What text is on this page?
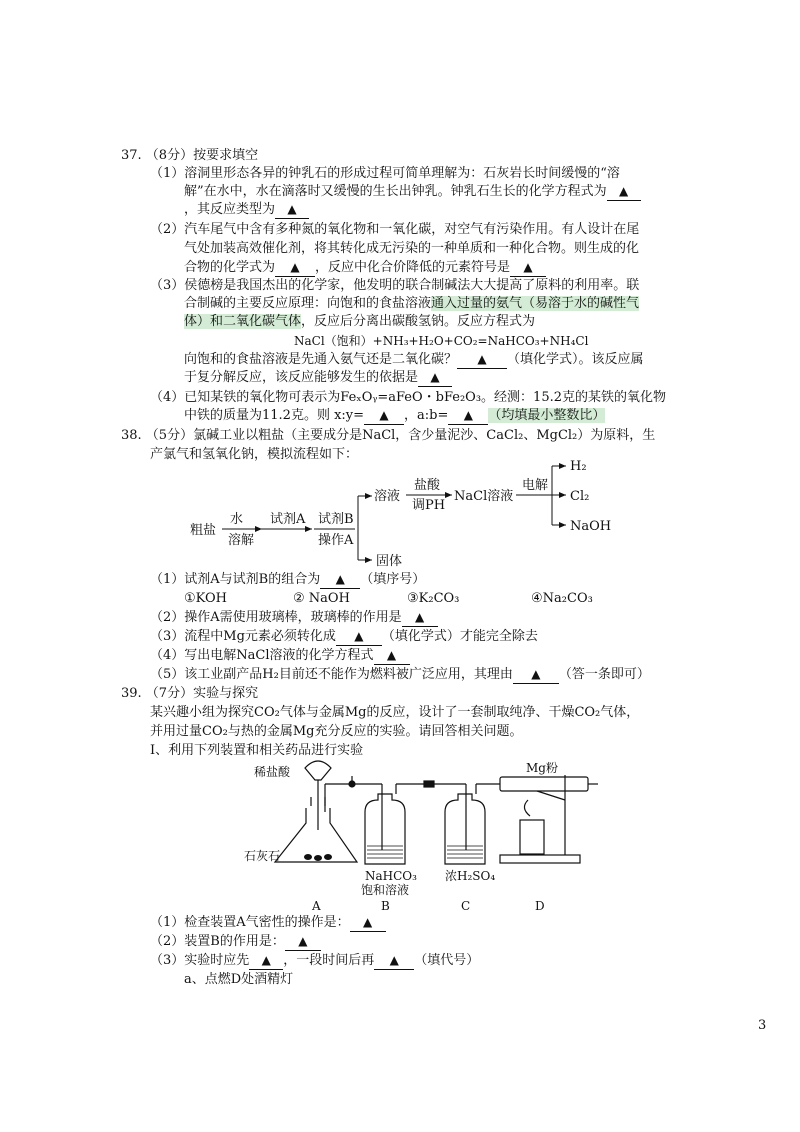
37. （8分）按要求填空
（1）溶洞里形态各异的钟乳石的形成过程可简单理解为：石灰岩长时间缓慢的“溶
解”在水中，水在滴落时又缓慢的生长出钟乳。钟乳石生长的化学方程式为 ▲
，其反应类型为 ▲
（2）汽车尾气中含有多种氮的氧化物和一氧化碳，对空气有污染作用。有人设计在尾
气处加装高效催化剂，将其转化成无污染的一种单质和一种化合物。则生成的化
合物的化学式为 ▲ ，反应中化合价降低的元素符号是 ▲
（3）侯德榜是我国杰出的化学家，他发明的联合制碱法大大提高了原料的利用率。联
合制碱的主要反应原理：向饱和的食盐溶液通入过量的氨气（易溶于水的碱性气
体）和二氧化碳气体，反应后分离出碳酸氢钠。反应方程式为
NaCl（饱和）+NH₃+H₂O+CO₂=NaHCO₃+NH₄Cl
向饱和的食盐溶液是先通入氨气还是二氧化碳？ ▲ （填化学式）。该反应属
于复分解反应，该反应能够发生的依据是 ▲
（4）已知某铁的氧化物可表示为FeₓOᵧ=aFeO・bFe₂O₃。经测：15.2克的某铁的氧化物
中铁的质量为11.2克。则 x:y= ▲ ，a:b= ▲ （均填最小整数比）
38. （5分）氯碱工业以粗盐（主要成分是NaCl，含少量泥沙、CaCl₂、MgCl₂）为原料，生
产氯气和氢氧化钠，模拟流程如下：
粗盐
水
溶解
试剂A 试剂B
操作A
溶液
固体
盐酸
调PH
NaCl溶液
电解
H₂
Cl₂
NaOH
（1）试剂A与试剂B的组合为 ▲ （填序号）
①KOH	② NaOH	③K₂CO₃	④Na₂CO₃
（2）操作A需使用玻璃棒，玻璃棒的作用是 ▲
（3）流程中Mg元素必须转化成 ▲ （填化学式）才能完全除去
（4）写出电解NaCl溶液的化学方程式 ▲
（5）该工业副产品H₂目前还不能作为燃料被广泛应用，其理由 ▲ （答一条即可）
39. （7分）实验与探究
某兴趣小组为探究CO₂气体与金属Mg的反应，设计了一套制取纯净、干燥CO₂气体，
并用过量CO₂与热的金属Mg充分反应的实验。请回答相关问题。
Ⅰ、利用下列装置和相关药品进行实验
稀盐酸
石灰石
Mg粉
NaHCO₃
饱和溶液
浓H₂SO₄
A	B	C	D
（1）检查装置A气密性的操作是： ▲
（2）装置B的作用是： ▲
（3）实验时应先 ▲ ，一段时间后再 ▲ （填代号）
a、点燃D处酒精灯
3
